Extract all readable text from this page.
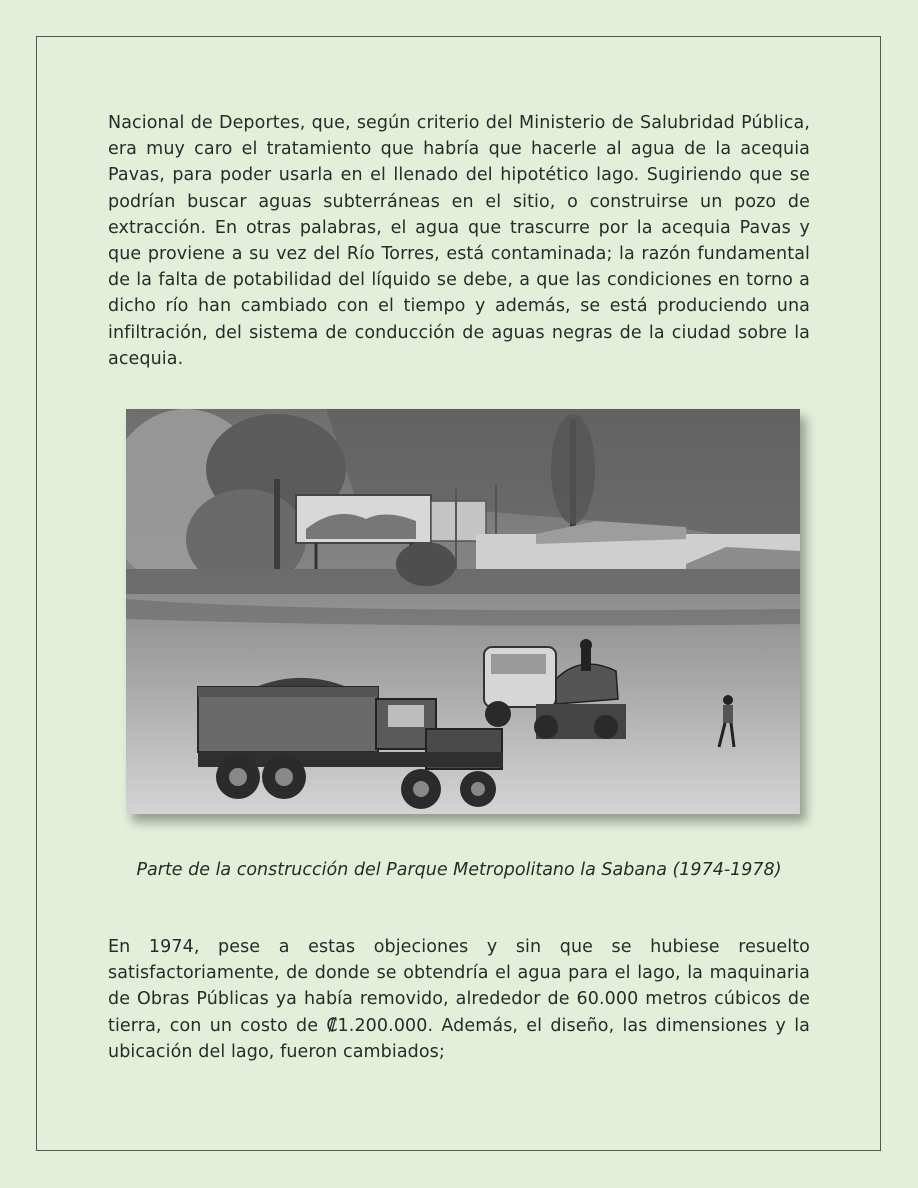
Nacional de Deportes, que, según criterio del Ministerio de Salubridad Pública, era muy caro el tratamiento que habría que hacerle al agua de la acequia Pavas, para poder usarla en el llenado del hipotético lago. Sugiriendo que se podrían buscar aguas subterráneas en el sitio, o construirse un pozo de extracción. En otras palabras, el agua que trascurre por la acequia Pavas y que proviene a su vez del Río Torres, está contaminada; la razón fundamental de la falta de potabilidad del líquido se debe, a que las condiciones en torno a dicho río han cambiado con el tiempo y además, se está produciendo una infiltración, del sistema de conducción de aguas negras de la ciudad sobre la acequia.

Parte de la construcción del Parque Metropolitano la Sabana (1974-1978)

En 1974, pese a estas objeciones y sin que se hubiese resuelto satisfactoriamente, de donde se obtendría el agua para el lago, la maquinaria de Obras Públicas ya había removido, alrededor de 60.000 metros cúbicos de tierra, con un costo de ₡1.200.000. Además, el diseño, las dimensiones y la ubicación del lago, fueron cambiados;
